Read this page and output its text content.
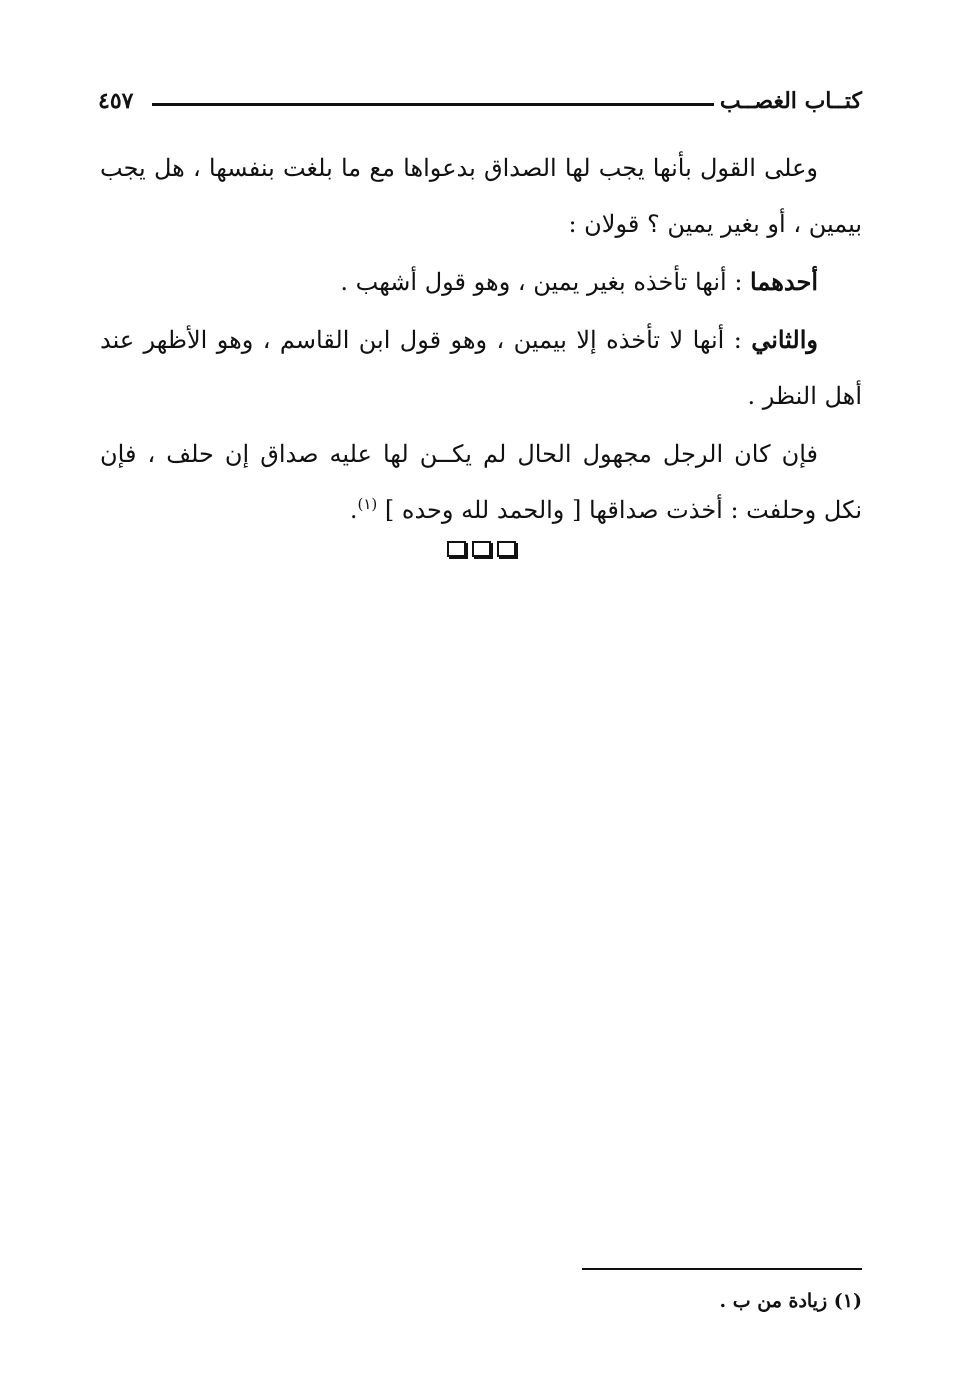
كتــاب الغصــب
٤٥٧

وعلى القول بأنها يجب لها الصداق بدعواها مع ما بلغت بنفسها ، هل يجب بيمين ، أو بغير يمين ؟ قولان :

أحدهما : أنها تأخذه بغير يمين ، وهو قول أشهب .

والثاني : أنها لا تأخذه إلا بيمين ، وهو قول ابن القاسم ، وهو الأظهر عند أهل النظر .

فإن كان الرجل مجهول الحال لم يكــن لها عليه صداق إن حلف ، فإن نكل وحلفت : أخذت صداقها [ والحمد لله وحده ] $^{(١)}$.

(١) زيادة من ب .
